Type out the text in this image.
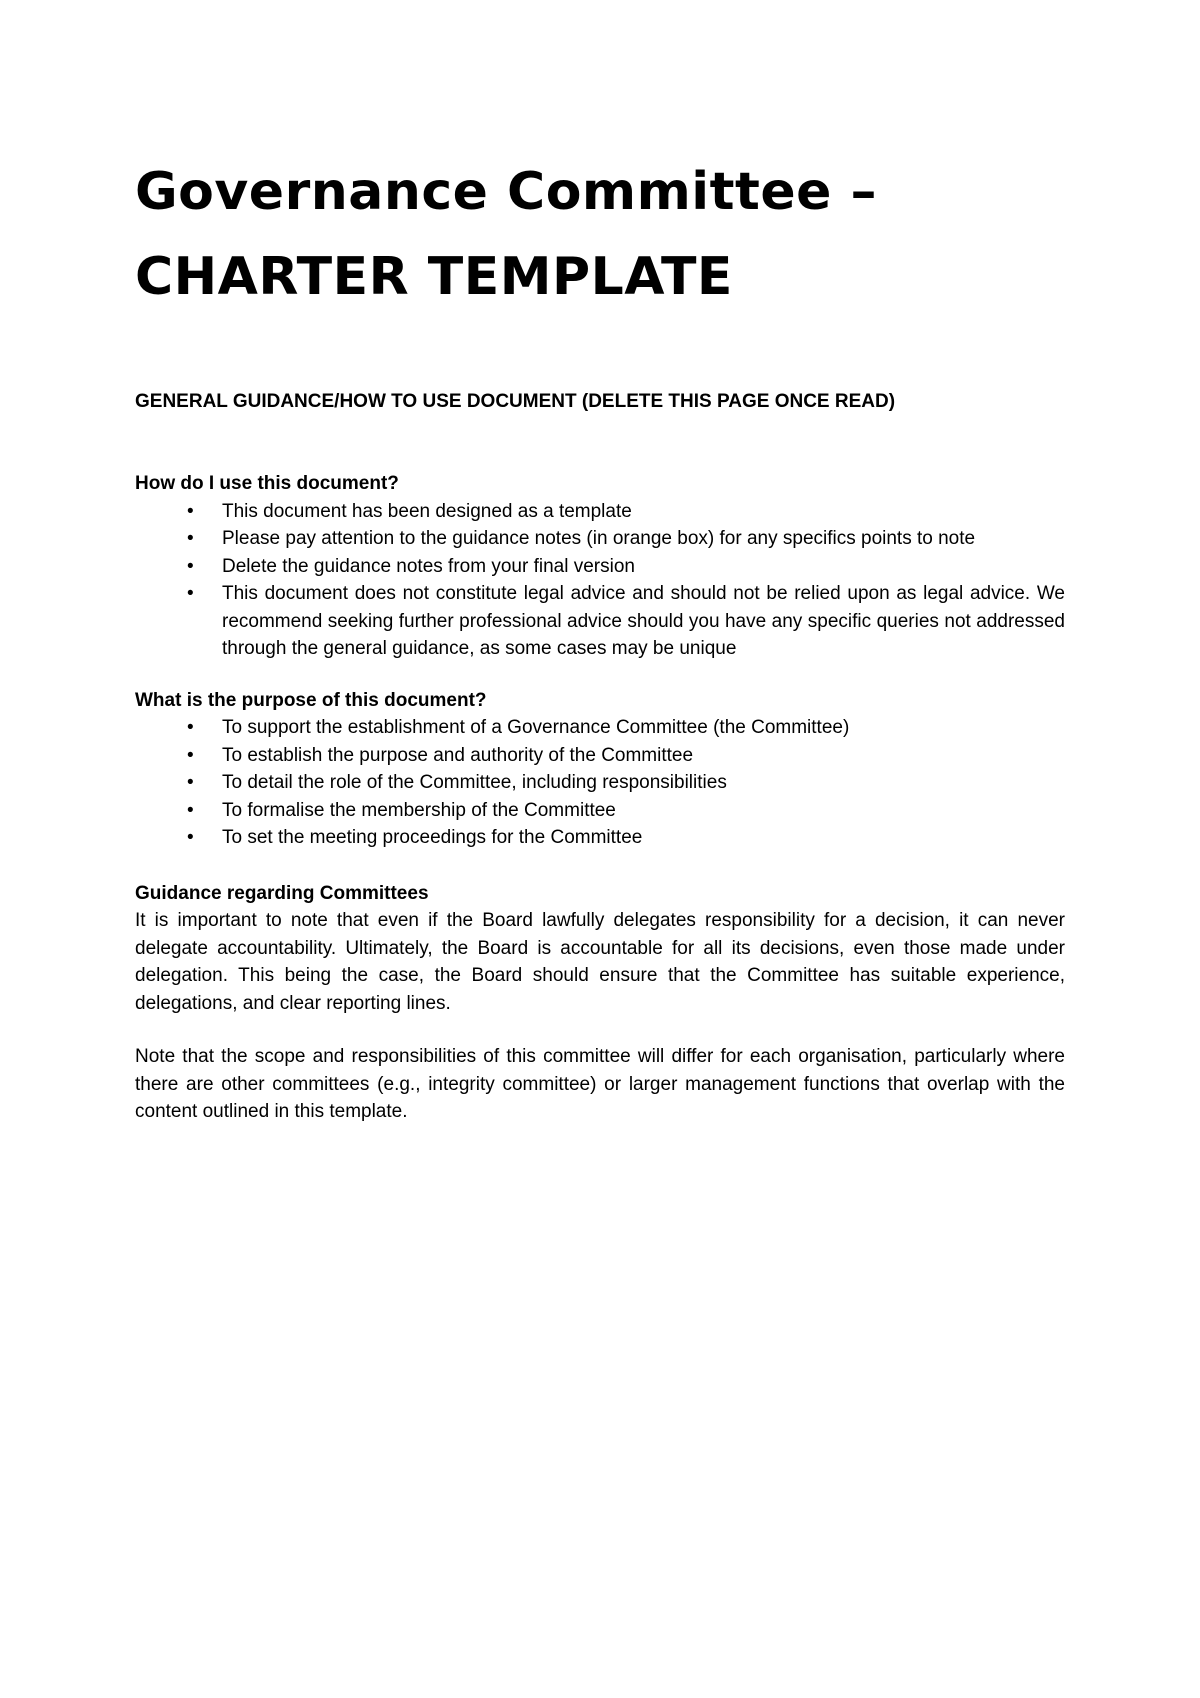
Governance Committee –
CHARTER TEMPLATE
GENERAL GUIDANCE/HOW TO USE DOCUMENT (DELETE THIS PAGE ONCE READ)
How do I use this document?
• This document has been designed as a template
• Please pay attention to the guidance notes (in orange box) for any specifics points to note
• Delete the guidance notes from your final version
• This document does not constitute legal advice and should not be relied upon as legal advice. We recommend seeking further professional advice should you have any specific queries not addressed through the general guidance, as some cases may be unique
What is the purpose of this document?
• To support the establishment of a Governance Committee (the Committee)
• To establish the purpose and authority of the Committee
• To detail the role of the Committee, including responsibilities
• To formalise the membership of the Committee
• To set the meeting proceedings for the Committee
Guidance regarding Committees

It is important to note that even if the Board lawfully delegates responsibility for a decision, it can never delegate accountability. Ultimately, the Board is accountable for all its decisions, even those made under delegation. This being the case, the Board should ensure that the Committee has suitable experience, delegations, and clear reporting lines.

Note that the scope and responsibilities of this committee will differ for each organisation, particularly where there are other committees (e.g., integrity committee) or larger management functions that overlap with the content outlined in this template.
